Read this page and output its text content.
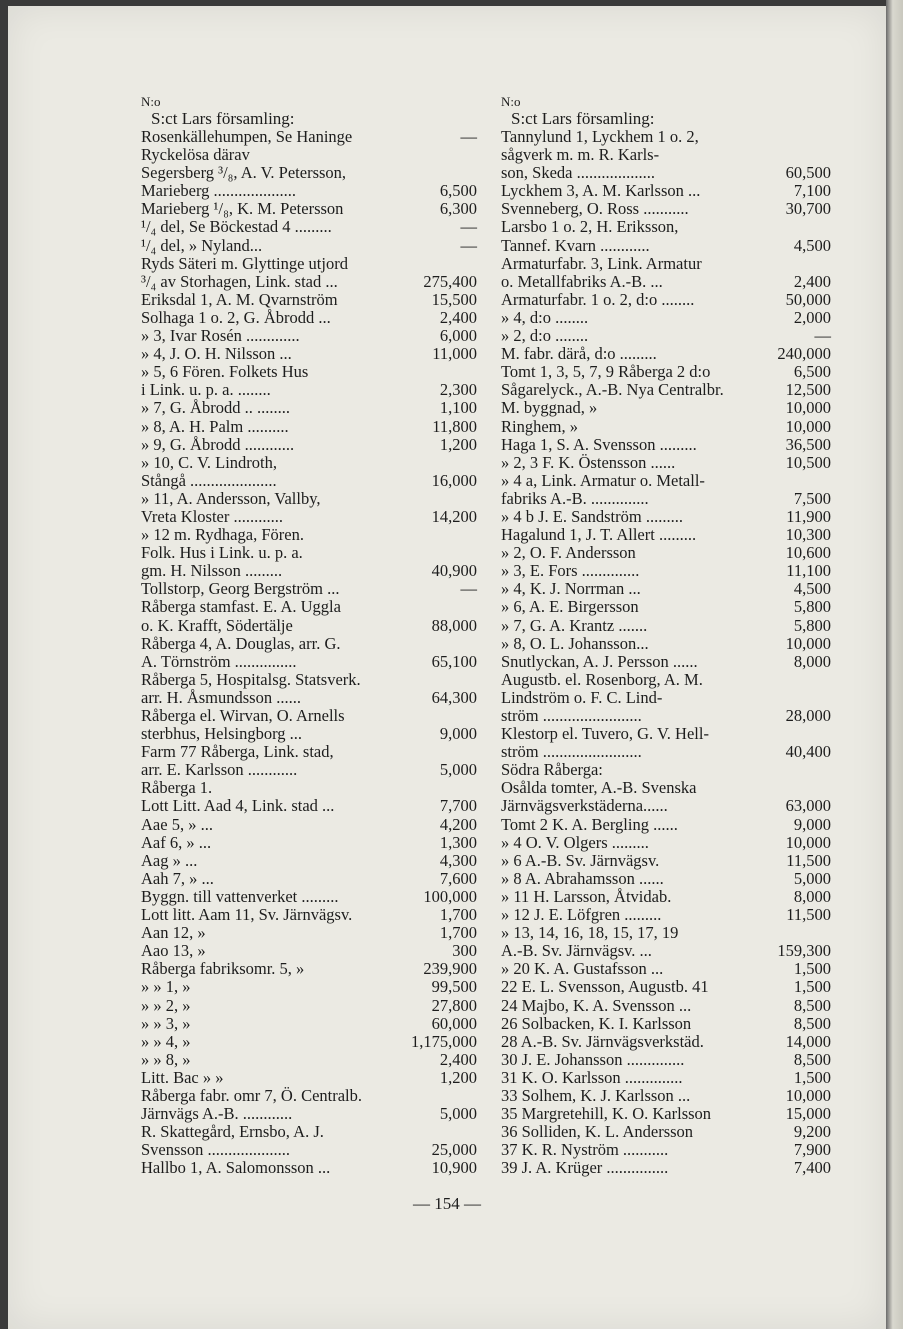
N:o
S:ct Lars församling:
Rosenkällehumpen, Se Haninge	—
Ryckelösa därav
Segersberg ³/₈, A. V. Petersson,
Marieberg ....................	6,500
Marieberg ¹/₈, K. M. Petersson	6,300
¹/₄ del, Se Böckestad 4 .........	—
¹/₄ del, » Nyland...	—
Ryds Säteri m. Glyttinge utjord
³/₄ av Storhagen, Link. stad ...	275,400
Eriksdal 1, A. M. Qvarnström	15,500
Solhaga 1 o. 2, G. Åbrodd ...	2,400
» 3, Ivar Rosén .............	6,000
» 4, J. O. H. Nilsson ...	11,000
» 5, 6 Fören. Folkets Hus
i Link. u. p. a. ........	2,300
» 7, G. Åbrodd .. ........	1,100
» 8, A. H. Palm ..........	11,800
» 9, G. Åbrodd ............	1,200
» 10, C. V. Lindroth,
Stångå .....................	16,000
» 11, A. Andersson, Vallby,
Vreta Kloster ............	14,200
» 12 m. Rydhaga, Fören.
Folk. Hus i Link. u. p. a.
gm. H. Nilsson .........	40,900
Tollstorp, Georg Bergström ...	—
Råberga stamfast. E. A. Uggla
o. K. Krafft, Södertälje	88,000
Råberga 4, A. Douglas, arr. G.
A. Törnström ...............	65,100
Råberga 5, Hospitalsg. Statsverk.
arr. H. Åsmundsson ......	64,300
Råberga el. Wirvan, O. Arnells
sterbhus, Helsingborg ...	9,000
Farm 77 Råberga, Link. stad,
arr. E. Karlsson ............	5,000
Råberga 1.
Lott Litt. Aad 4, Link. stad ...	7,700
Aae 5, » ...	4,200
Aaf 6, » ...	1,300
Aag » ...	4,300
Aah 7, » ...	7,600
Byggn. till vattenverket .........	100,000
Lott litt. Aam 11, Sv. Järnvägsv.	1,700
Aan 12, »	1,700
Aao 13, »	300
Råberga fabriksomr. 5, »	239,900
» » 1, »	99,500
» » 2, »	27,800
» » 3, »	60,000
» » 4, »	1,175,000
» » 8, »	2,400
Litt. Bac » »	1,200
Råberga fabr. omr 7, Ö. Centralb.
Järnvägs A.-B. ............	5,000
R. Skattegård, Ernsbo, A. J.
Svensson ....................	25,000
Hallbo 1, A. Salomonsson ...	10,900
N:o
S:ct Lars församling:
Tannylund 1, Lyckhem 1 o. 2,
sågverk m. m. R. Karls-
son, Skeda ...................	60,500
Lyckhem 3, A. M. Karlsson ...	7,100
Svenneberg, O. Ross ...........	30,700
Larsbo 1 o. 2, H. Eriksson,
Tannef. Kvarn ............	4,500
Armaturfabr. 3, Link. Armatur
o. Metallfabriks A.-B. ...	2,400
Armaturfabr. 1 o. 2, d:o ........	50,000
» 4, d:o ........	2,000
» 2, d:o ........	—
M. fabr. därå, d:o .........	240,000
Tomt 1, 3, 5, 7, 9 Råberga 2 d:o	6,500
Sågarelyck., A.-B. Nya Centralbr.	12,500
M. byggnad, »	10,000
Ringhem, »	10,000
Haga 1, S. A. Svensson .........	36,500
» 2, 3 F. K. Östensson ......	10,500
» 4 a, Link. Armatur o. Metall-
fabriks A.-B. ..............	7,500
» 4 b J. E. Sandström .........	11,900
Hagalund 1, J. T. Allert .........	10,300
» 2, O. F. Andersson	10,600
» 3, E. Fors ..............	11,100
» 4, K. J. Norrman ...	4,500
» 6, A. E. Birgersson	5,800
» 7, G. A. Krantz .......	5,800
» 8, O. L. Johansson...	10,000
Snutlyckan, A. J. Persson ......	8,000
Augustb. el. Rosenborg, A. M.
Lindström o. F. C. Lind-
ström ........................	28,000
Klestorp el. Tuvero, G. V. Hell-
ström ........................	40,400
Södra Råberga:
Osålda tomter, A.-B. Svenska
Järnvägsverkstäderna......	63,000
Tomt 2 K. A. Bergling ......	9,000
» 4 O. V. Olgers .........	10,000
» 6 A.-B. Sv. Järnvägsv.	11,500
» 8 A. Abrahamsson ......	5,000
» 11 H. Larsson, Åtvidab.	8,000
» 12 J. E. Löfgren .........	11,500
» 13, 14, 16, 18, 15, 17, 19
A.-B. Sv. Järnvägsv. ...	159,300
» 20 K. A. Gustafsson ...	1,500
22 E. L. Svensson, Augustb. 41	1,500
24 Majbo, K. A. Svensson ...	8,500
26 Solbacken, K. I. Karlsson	8,500
28 A.-B. Sv. Järnvägsverkstäd.	14,000
30 J. E. Johansson ..............	8,500
31 K. O. Karlsson ..............	1,500
33 Solhem, K. J. Karlsson ...	10,000
35 Margretehill, K. O. Karlsson	15,000
36 Solliden, K. L. Andersson	9,200
37 K. R. Nyström ...........	7,900
39 J. A. Krüger ...............	7,400
— 154 —
